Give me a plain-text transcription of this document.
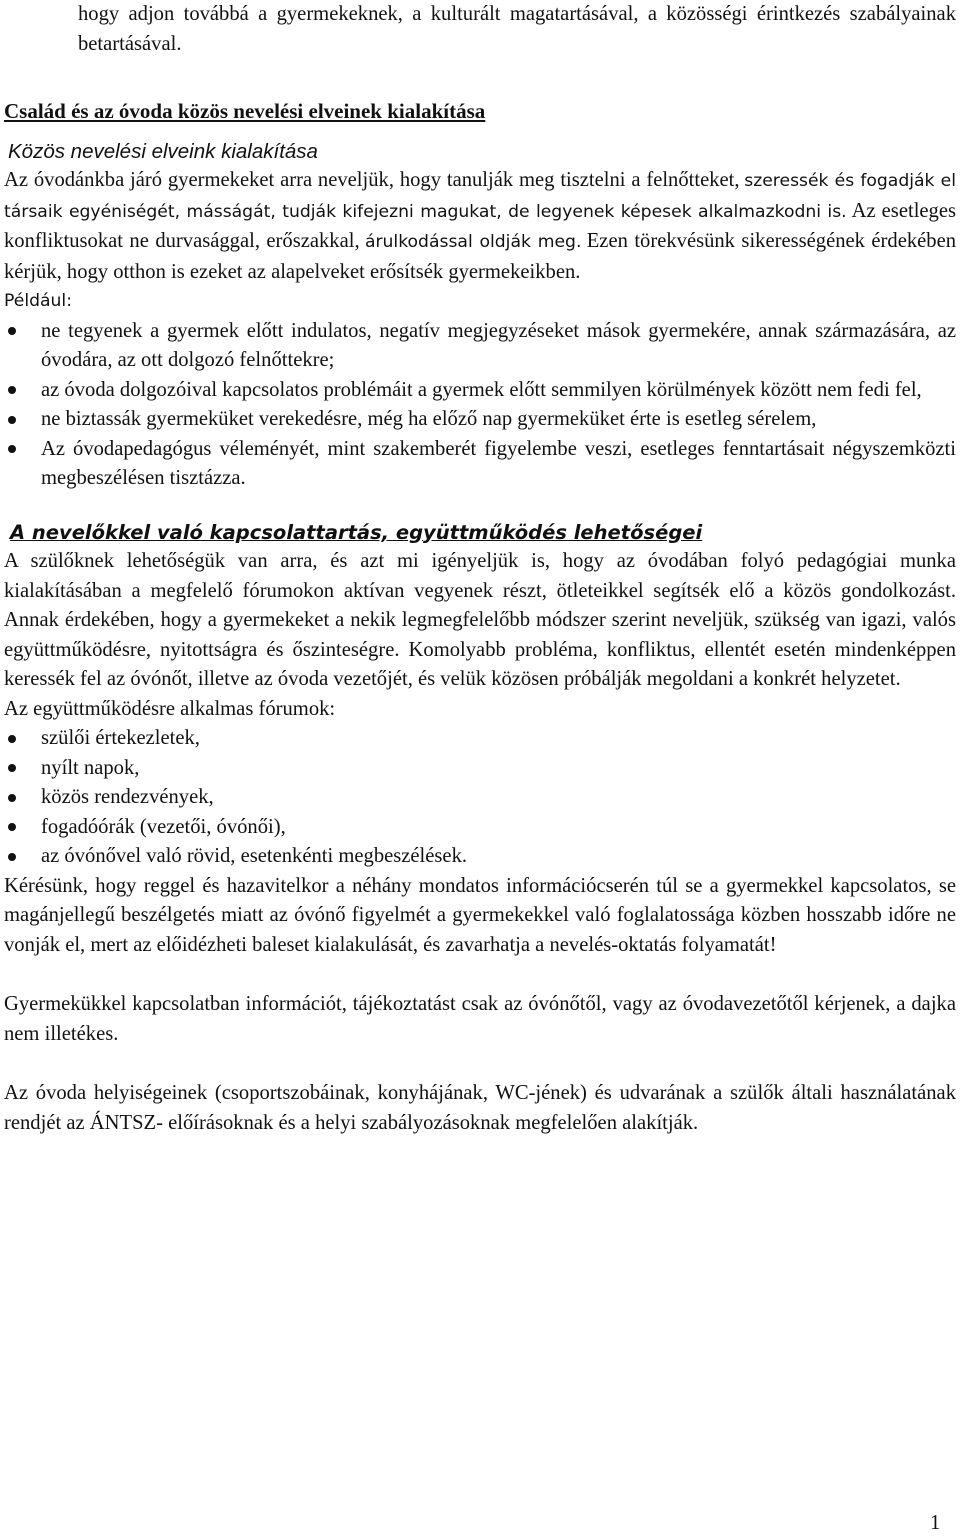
hogy adjon továbbá a gyermekeknek, a kulturált magatartásával, a közösségi érintkezés szabályainak betartásával.

Család és az óvoda közös nevelési elveinek kialakítása
Közös nevelési elveink kialakítása

Az óvodánkba járó gyermekeket arra neveljük, hogy tanulják meg tisztelni a felnőtteket, szeressék és fogadják el társaik egyéniségét, másságát, tudják kifejezni magukat, de legyenek képesek alkalmazkodni is. Az esetleges konfliktusokat ne durvasággal, erőszakkal, árulkodással oldják meg. Ezen törekvésünk sikerességének érdekében kérjük, hogy otthon is ezeket az alapelveket erősítsék gyermekeikben.

Például:

ne tegyenek a gyermek előtt indulatos, negatív megjegyzéseket mások gyermekére, annak származására, az óvodára, az ott dolgozó felnőttekre;
az óvoda dolgozóival kapcsolatos problémáit a gyermek előtt semmilyen körülmények között nem fedi fel,
ne biztassák gyermeküket verekedésre, még ha előző nap gyermeküket érte is esetleg sérelem,
Az óvodapedagógus véleményét, mint szakemberét figyelembe veszi, esetleges fenntartásait négyszemközti megbeszélésen tisztázza.
A nevelőkkel való kapcsolattartás, együttműködés lehetőségei

A szülőknek lehetőségük van arra, és azt mi igényeljük is, hogy az óvodában folyó pedagógiai munka kialakításában a megfelelő fórumokon aktívan vegyenek részt, ötleteikkel segítsék elő a közös gondolkozást. Annak érdekében, hogy a gyermekeket a nekik legmegfelelőbb módszer szerint neveljük, szükség van igazi, valós együttműködésre, nyitottságra és őszinteségre. Komolyabb probléma, konfliktus, ellentét esetén mindenképpen keressék fel az óvónőt, illetve az óvoda vezetőjét, és velük közösen próbálják megoldani a konkrét helyzetet.

Az együttműködésre alkalmas fórumok:

szülői értekezletek,
nyílt napok,
közös rendezvények,
fogadóórák (vezetői, óvónői),
az óvónővel való rövid, esetenkénti megbeszélések.

Kérésünk, hogy reggel és hazavitelkor a néhány mondatos információcserén túl se a gyermekkel kapcsolatos, se magánjellegű beszélgetés miatt az óvónő figyelmét a gyermekekkel való foglalatossága közben hosszabb időre ne vonják el, mert az előidézheti baleset kialakulását, és zavarhatja a nevelés-oktatás folyamatát!

Gyermekükkel kapcsolatban információt, tájékoztatást csak az óvónőtől, vagy az óvodavezetőtől kérjenek, a dajka nem illetékes.

Az óvoda helyiségeinek (csoportszobáinak, konyhájának, WC-jének) és udvarának a szülők általi használatának rendjét az ÁNTSZ- előírásoknak és a helyi szabályozásoknak megfelelően alakítják.

1
